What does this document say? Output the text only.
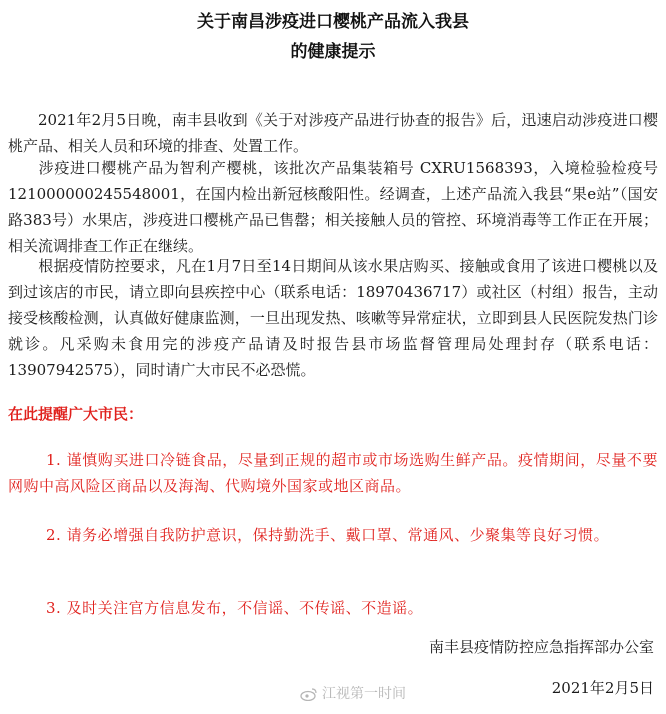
关于南昌涉疫进口樱桃产品流入我县
的健康提示

2021年2月5日晚，南丰县收到《关于对涉疫产品进行协查的报告》后，迅速启动涉疫进口樱桃产品、相关人员和环境的排查、处置工作。

涉疫进口樱桃产品为智利产樱桃，该批次产品集装箱号 CXRU1568393，入境检验检疫号 121000000245548001，在国内检出新冠核酸阳性。经调查，上述产品流入我县“果e站”（国安路383号）水果店，涉疫进口樱桃产品已售罄；相关接触人员的管控、环境消毒等工作正在开展；相关流调排查工作正在继续。

根据疫情防控要求，凡在1月7日至14日期间从该水果店购买、接触或食用了该进口樱桃以及到过该店的市民，请立即向县疾控中心（联系电话：18970436717）或社区（村组）报告，主动接受核酸检测，认真做好健康监测，一旦出现发热、咳嗽等异常症状，立即到县人民医院发热门诊就诊。凡采购未食用完的涉疫产品请及时报告县市场监督管理局处理封存（联系电话：13907942575），同时请广大市民不必恐慌。

在此提醒广大市民：

1. 谨慎购买进口冷链食品，尽量到正规的超市或市场选购生鲜产品。疫情期间，尽量不要网购中高风险区商品以及海淘、代购境外国家或地区商品。

2. 请务必增强自我防护意识，保持勤洗手、戴口罩、常通风、少聚集等良好习惯。

3. 及时关注官方信息发布，不信谣、不传谣、不造谣。

南丰县疫情防控应急指挥部办公室
江视第一时间	2021年2月5日
